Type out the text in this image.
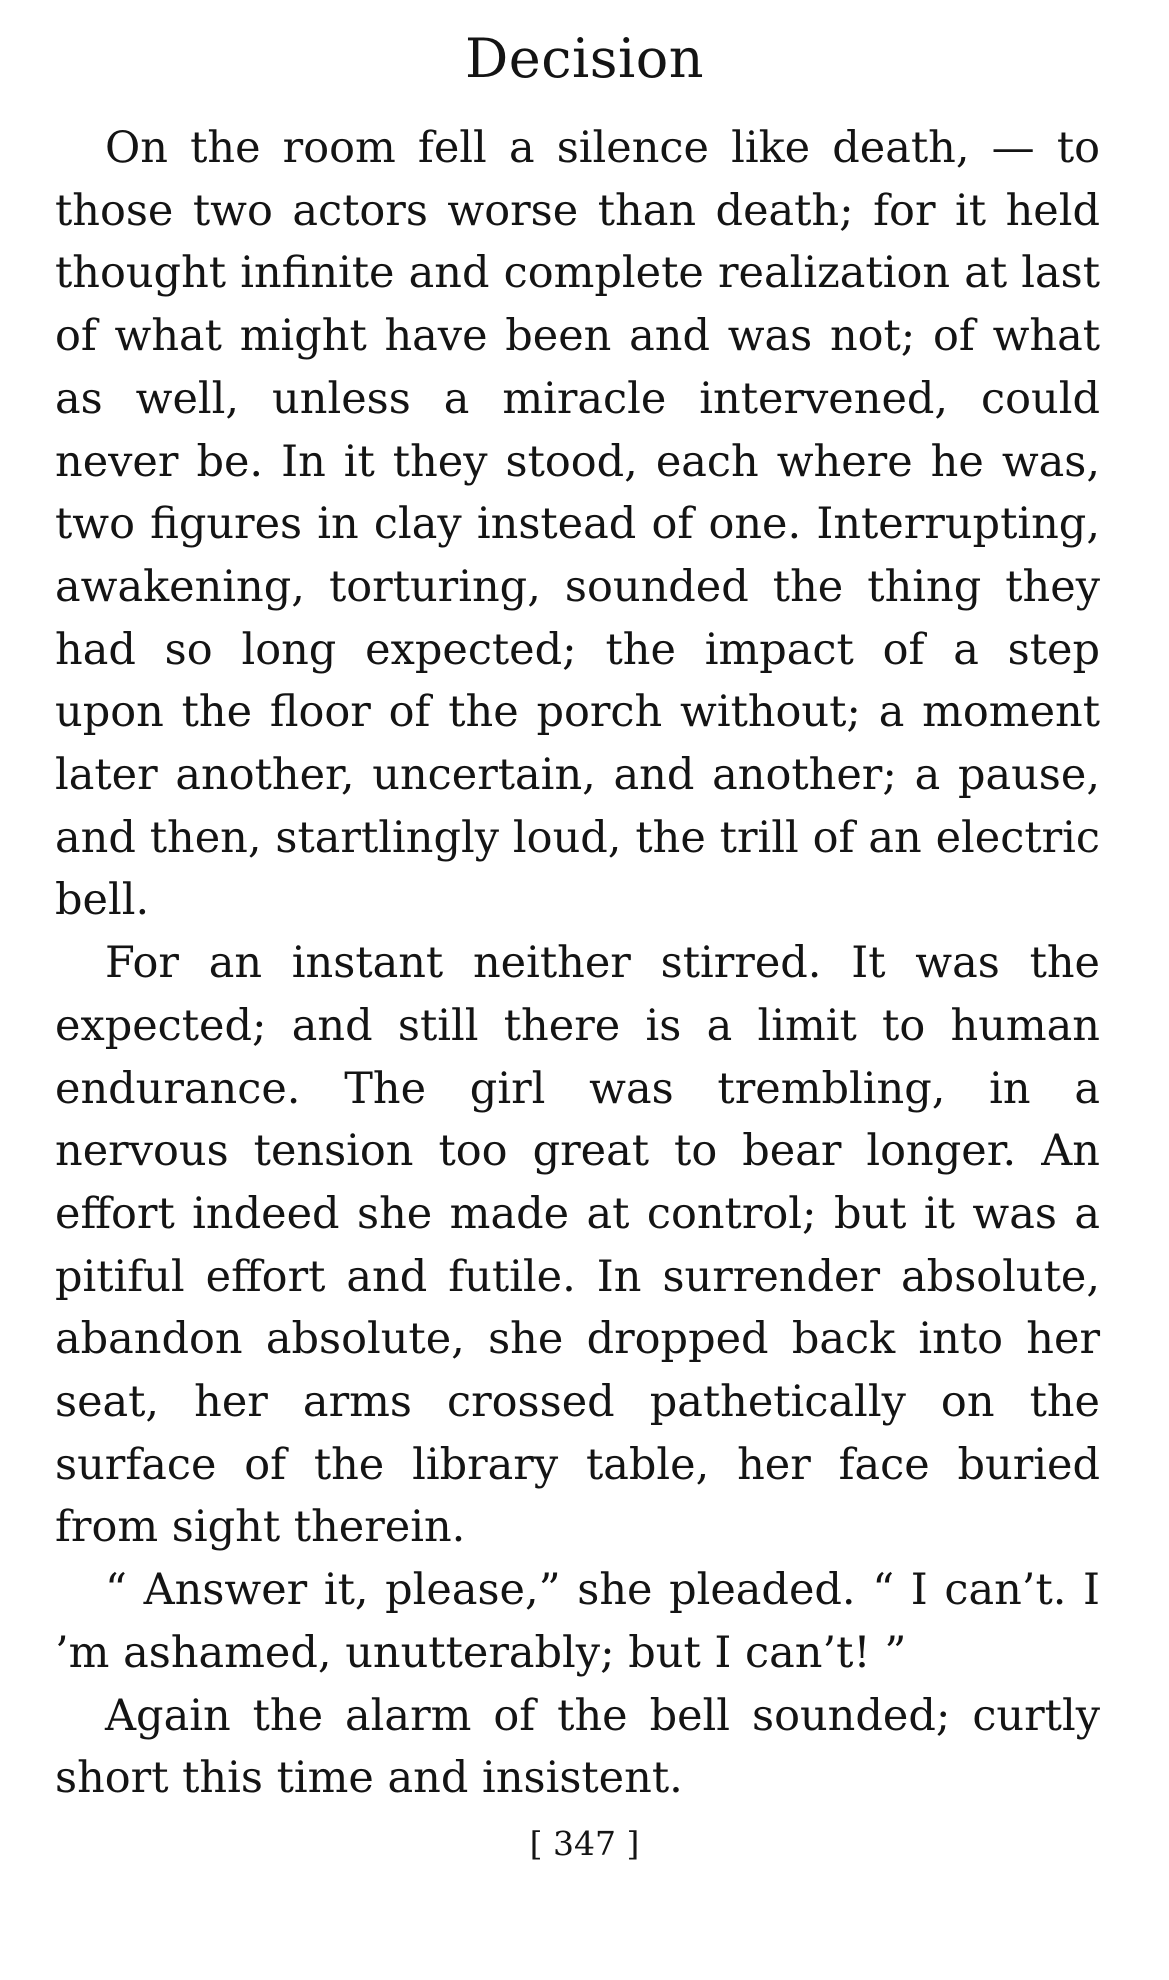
Decision

On the room fell a silence like death, — to those two actors worse than death; for it held thought infinite and complete realization at last of what might have been and was not; of what as well, unless a miracle intervened, could never be. In it they stood, each where he was, two figures in clay instead of one. Interrupting, awakening, torturing, sounded the thing they had so long expected; the impact of a step upon the floor of the porch without; a moment later another, uncertain, and another; a pause, and then, startlingly loud, the trill of an electric bell.

For an instant neither stirred. It was the expected; and still there is a limit to human endurance. The girl was trembling, in a nervous tension too great to bear longer. An effort indeed she made at control; but it was a pitiful effort and futile. In surrender absolute, abandon absolute, she dropped back into her seat, her arms crossed pathetically on the surface of the library table, her face buried from sight therein.

“ Answer it, please,” she pleaded. “ I can’t. I ’m ashamed, unutterably; but I can’t! ”

Again the alarm of the bell sounded; curtly short this time and insistent.

[ 347 ]
